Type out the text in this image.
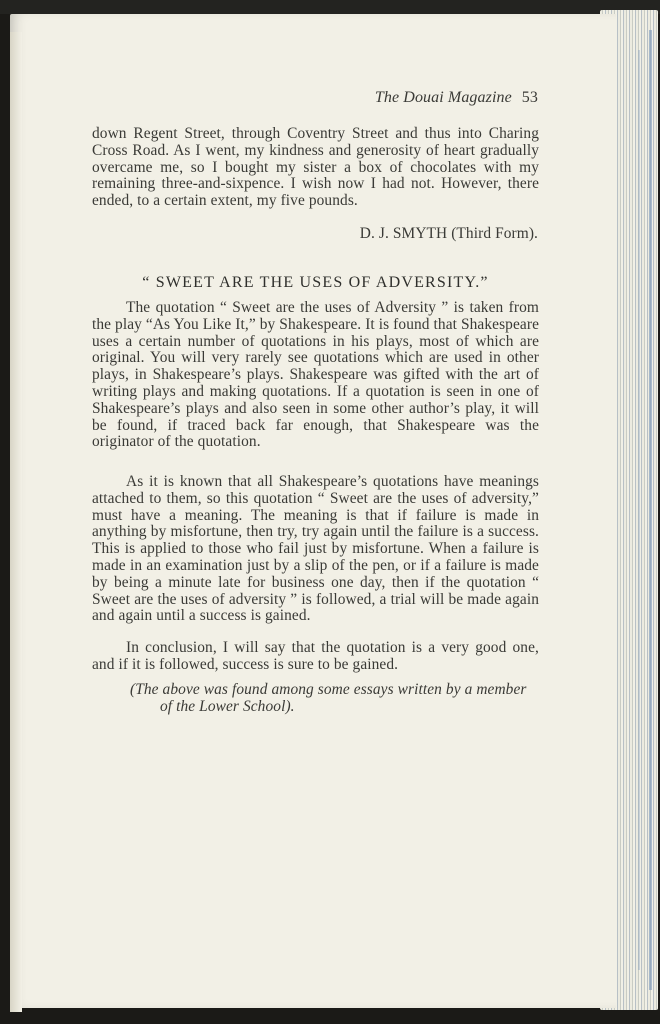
The Douai Magazine 53
down Regent Street, through Coventry Street and thus into Charing Cross Road. As I went, my kindness and generosity of heart gradually overcame me, so I bought my sister a box of chocolates with my remaining three-and-sixpence. I wish now I had not. However, there ended, to a certain extent, my five pounds.
D. J. SMYTH (Third Form).
“ SWEET ARE THE USES OF ADVERSITY.”
The quotation “ Sweet are the uses of Adversity ” is taken from the play “As You Like It,” by Shakespeare. It is found that Shakespeare uses a certain number of quotations in his plays, most of which are original. You will very rarely see quotations which are used in other plays, in Shakespeare’s plays. Shakespeare was gifted with the art of writing plays and making quotations. If a quotation is seen in one of Shakespeare’s plays and also seen in some other author’s play, it will be found, if traced back far enough, that Shakespeare was the originator of the quotation.
As it is known that all Shakespeare’s quotations have meanings attached to them, so this quotation “ Sweet are the uses of adversity,” must have a meaning. The meaning is that if failure is made in anything by misfortune, then try, try again until the failure is a success. This is applied to those who fail just by misfortune. When a failure is made in an examination just by a slip of the pen, or if a failure is made by being a minute late for business one day, then if the quotation “ Sweet are the uses of adversity ” is followed, a trial will be made again and again until a success is gained.
In conclusion, I will say that the quotation is a very good one, and if it is followed, success is sure to be gained.
(The above was found among some essays written by a member
of the Lower School).
